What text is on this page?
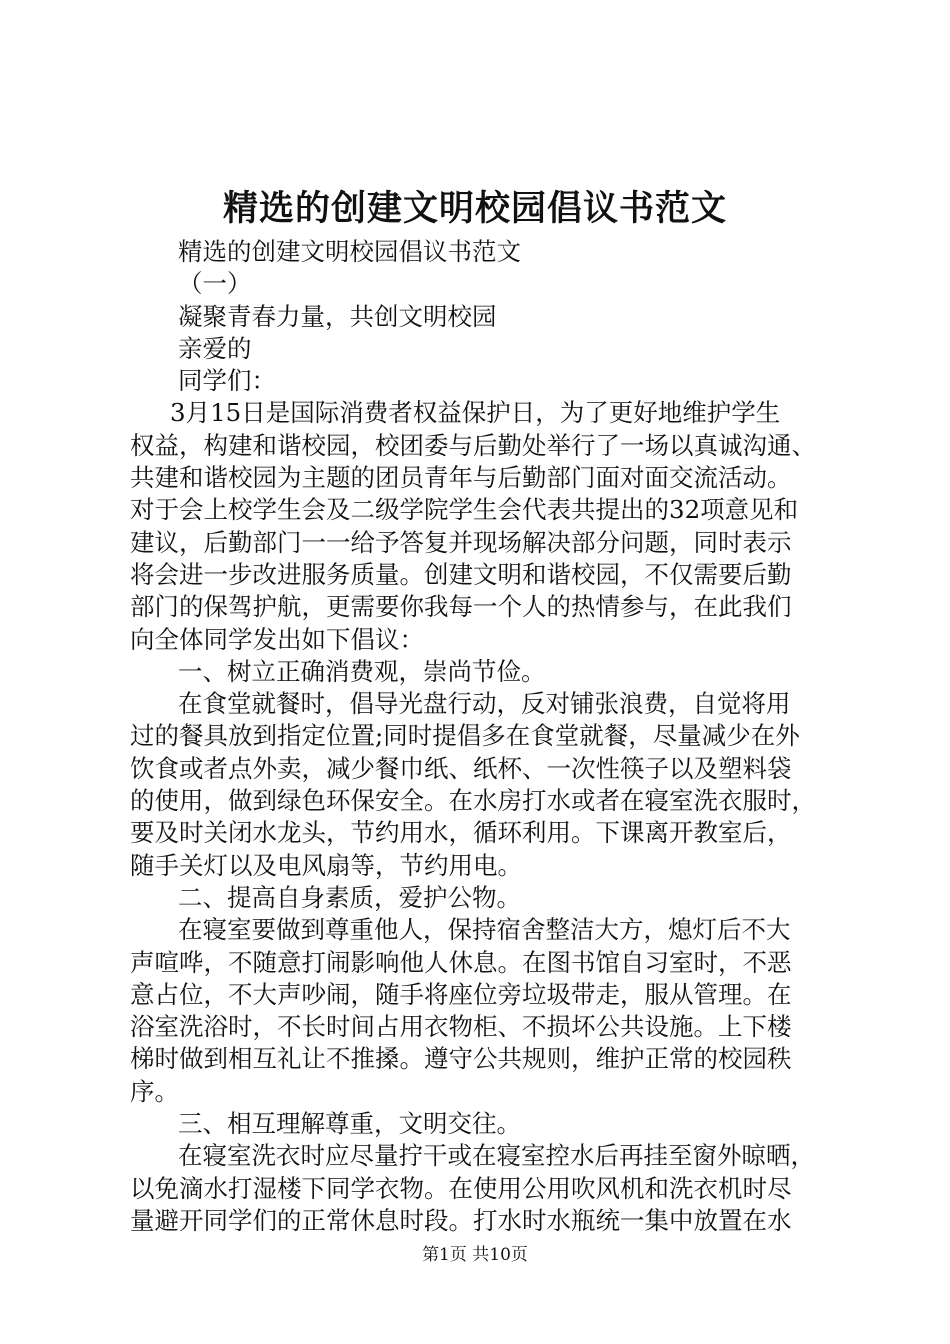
精选的创建文明校园倡议书范文
精选的创建文明校园倡议书范文
（一）
凝聚青春力量，共创文明校园
亲爱的
同学们：
3月15日是国际消费者权益保护日，为了更好地维护学生
权益，构建和谐校园，校团委与后勤处举行了一场以真诚沟通、
共建和谐校园为主题的团员青年与后勤部门面对面交流活动。
对于会上校学生会及二级学院学生会代表共提出的32项意见和
建议，后勤部门一一给予答复并现场解决部分问题，同时表示
将会进一步改进服务质量。创建文明和谐校园，不仅需要后勤
部门的保驾护航，更需要你我每一个人的热情参与，在此我们
向全体同学发出如下倡议：
一、树立正确消费观，崇尚节俭。
在食堂就餐时，倡导光盘行动，反对铺张浪费，自觉将用
过的餐具放到指定位置;同时提倡多在食堂就餐，尽量减少在外
饮食或者点外卖，减少餐巾纸、纸杯、一次性筷子以及塑料袋
的使用，做到绿色环保安全。在水房打水或者在寝室洗衣服时，
要及时关闭水龙头，节约用水，循环利用。下课离开教室后，
随手关灯以及电风扇等，节约用电。
二、提高自身素质，爱护公物。
在寝室要做到尊重他人，保持宿舍整洁大方，熄灯后不大
声喧哗，不随意打闹影响他人休息。在图书馆自习室时，不恶
意占位，不大声吵闹，随手将座位旁垃圾带走，服从管理。在
浴室洗浴时，不长时间占用衣物柜、不损坏公共设施。上下楼
梯时做到相互礼让不推搡。遵守公共规则，维护正常的校园秩
序。
三、相互理解尊重，文明交往。
在寝室洗衣时应尽量拧干或在寝室控水后再挂至窗外晾晒，
以免滴水打湿楼下同学衣物。在使用公用吹风机和洗衣机时尽
量避开同学们的正常休息时段。打水时水瓶统一集中放置在水
第1页 共10页
